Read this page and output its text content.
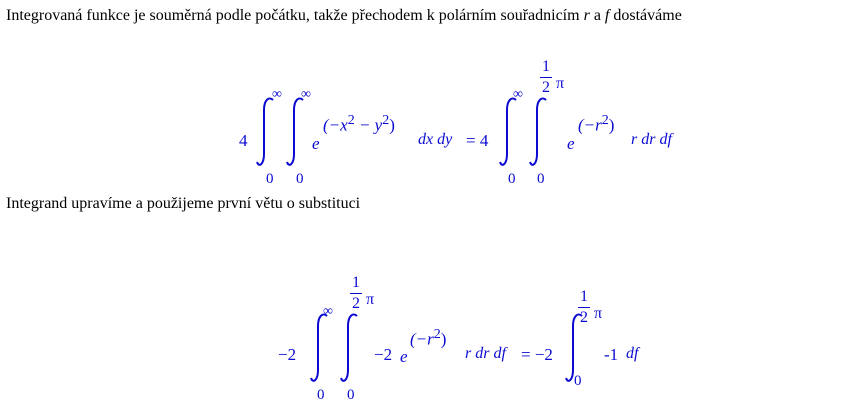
Integrovaná funkce je souměrná podle počátku, takže přechodem k polárním souřadnicím r a f dostáváme
4
∞
0
∞
0
e
$(-x^2 - y^2)$
dx dy = 4
∞
0
1
2 π
0
e
$(-r^2)$
r dr df
Integrand upravíme a použijeme první větu o substituci
−2
∞
0
1
2 π
0
−2 e
$(-r^2)$
r dr df = −2
1
2 π
0
-1 df
